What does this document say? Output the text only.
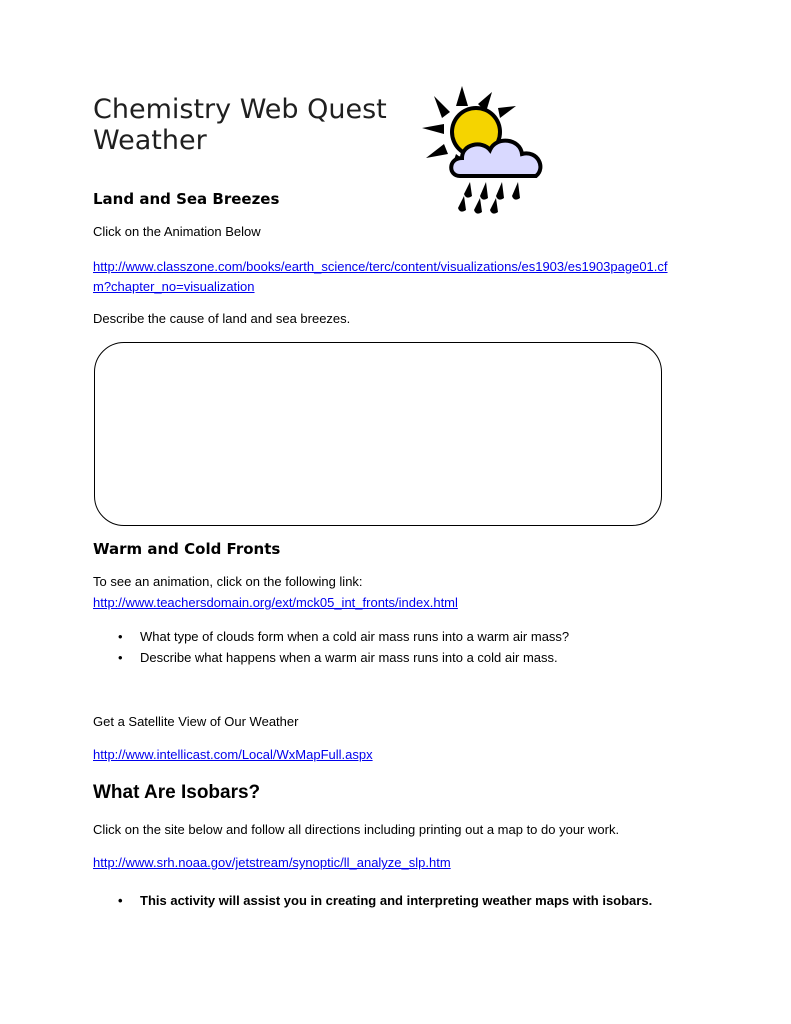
Chemistry Web Quest
Weather
Land and Sea Breezes

Click on the Animation Below

http://www.classzone.com/books/earth_science/terc/content/visualizations/es1903/es1903page01.cf
m?chapter_no=visualization

Describe the cause of land and sea breezes.

Warm and Cold Fronts

To see an animation, click on the following link:

http://www.teachersdomain.org/ext/mck05_int_fronts/index.html
• What type of clouds form when a cold air mass runs into a warm air mass?
• Describe what happens when a warm air mass runs into a cold air mass.

Get a Satellite View of Our Weather

http://www.intellicast.com/Local/WxMapFull.aspx
What Are Isobars?

Click on the site below and follow all directions including printing out a map to do your work.

http://www.srh.noaa.gov/jetstream/synoptic/ll_analyze_slp.htm
• This activity will assist you in creating and interpreting weather maps with isobars.
